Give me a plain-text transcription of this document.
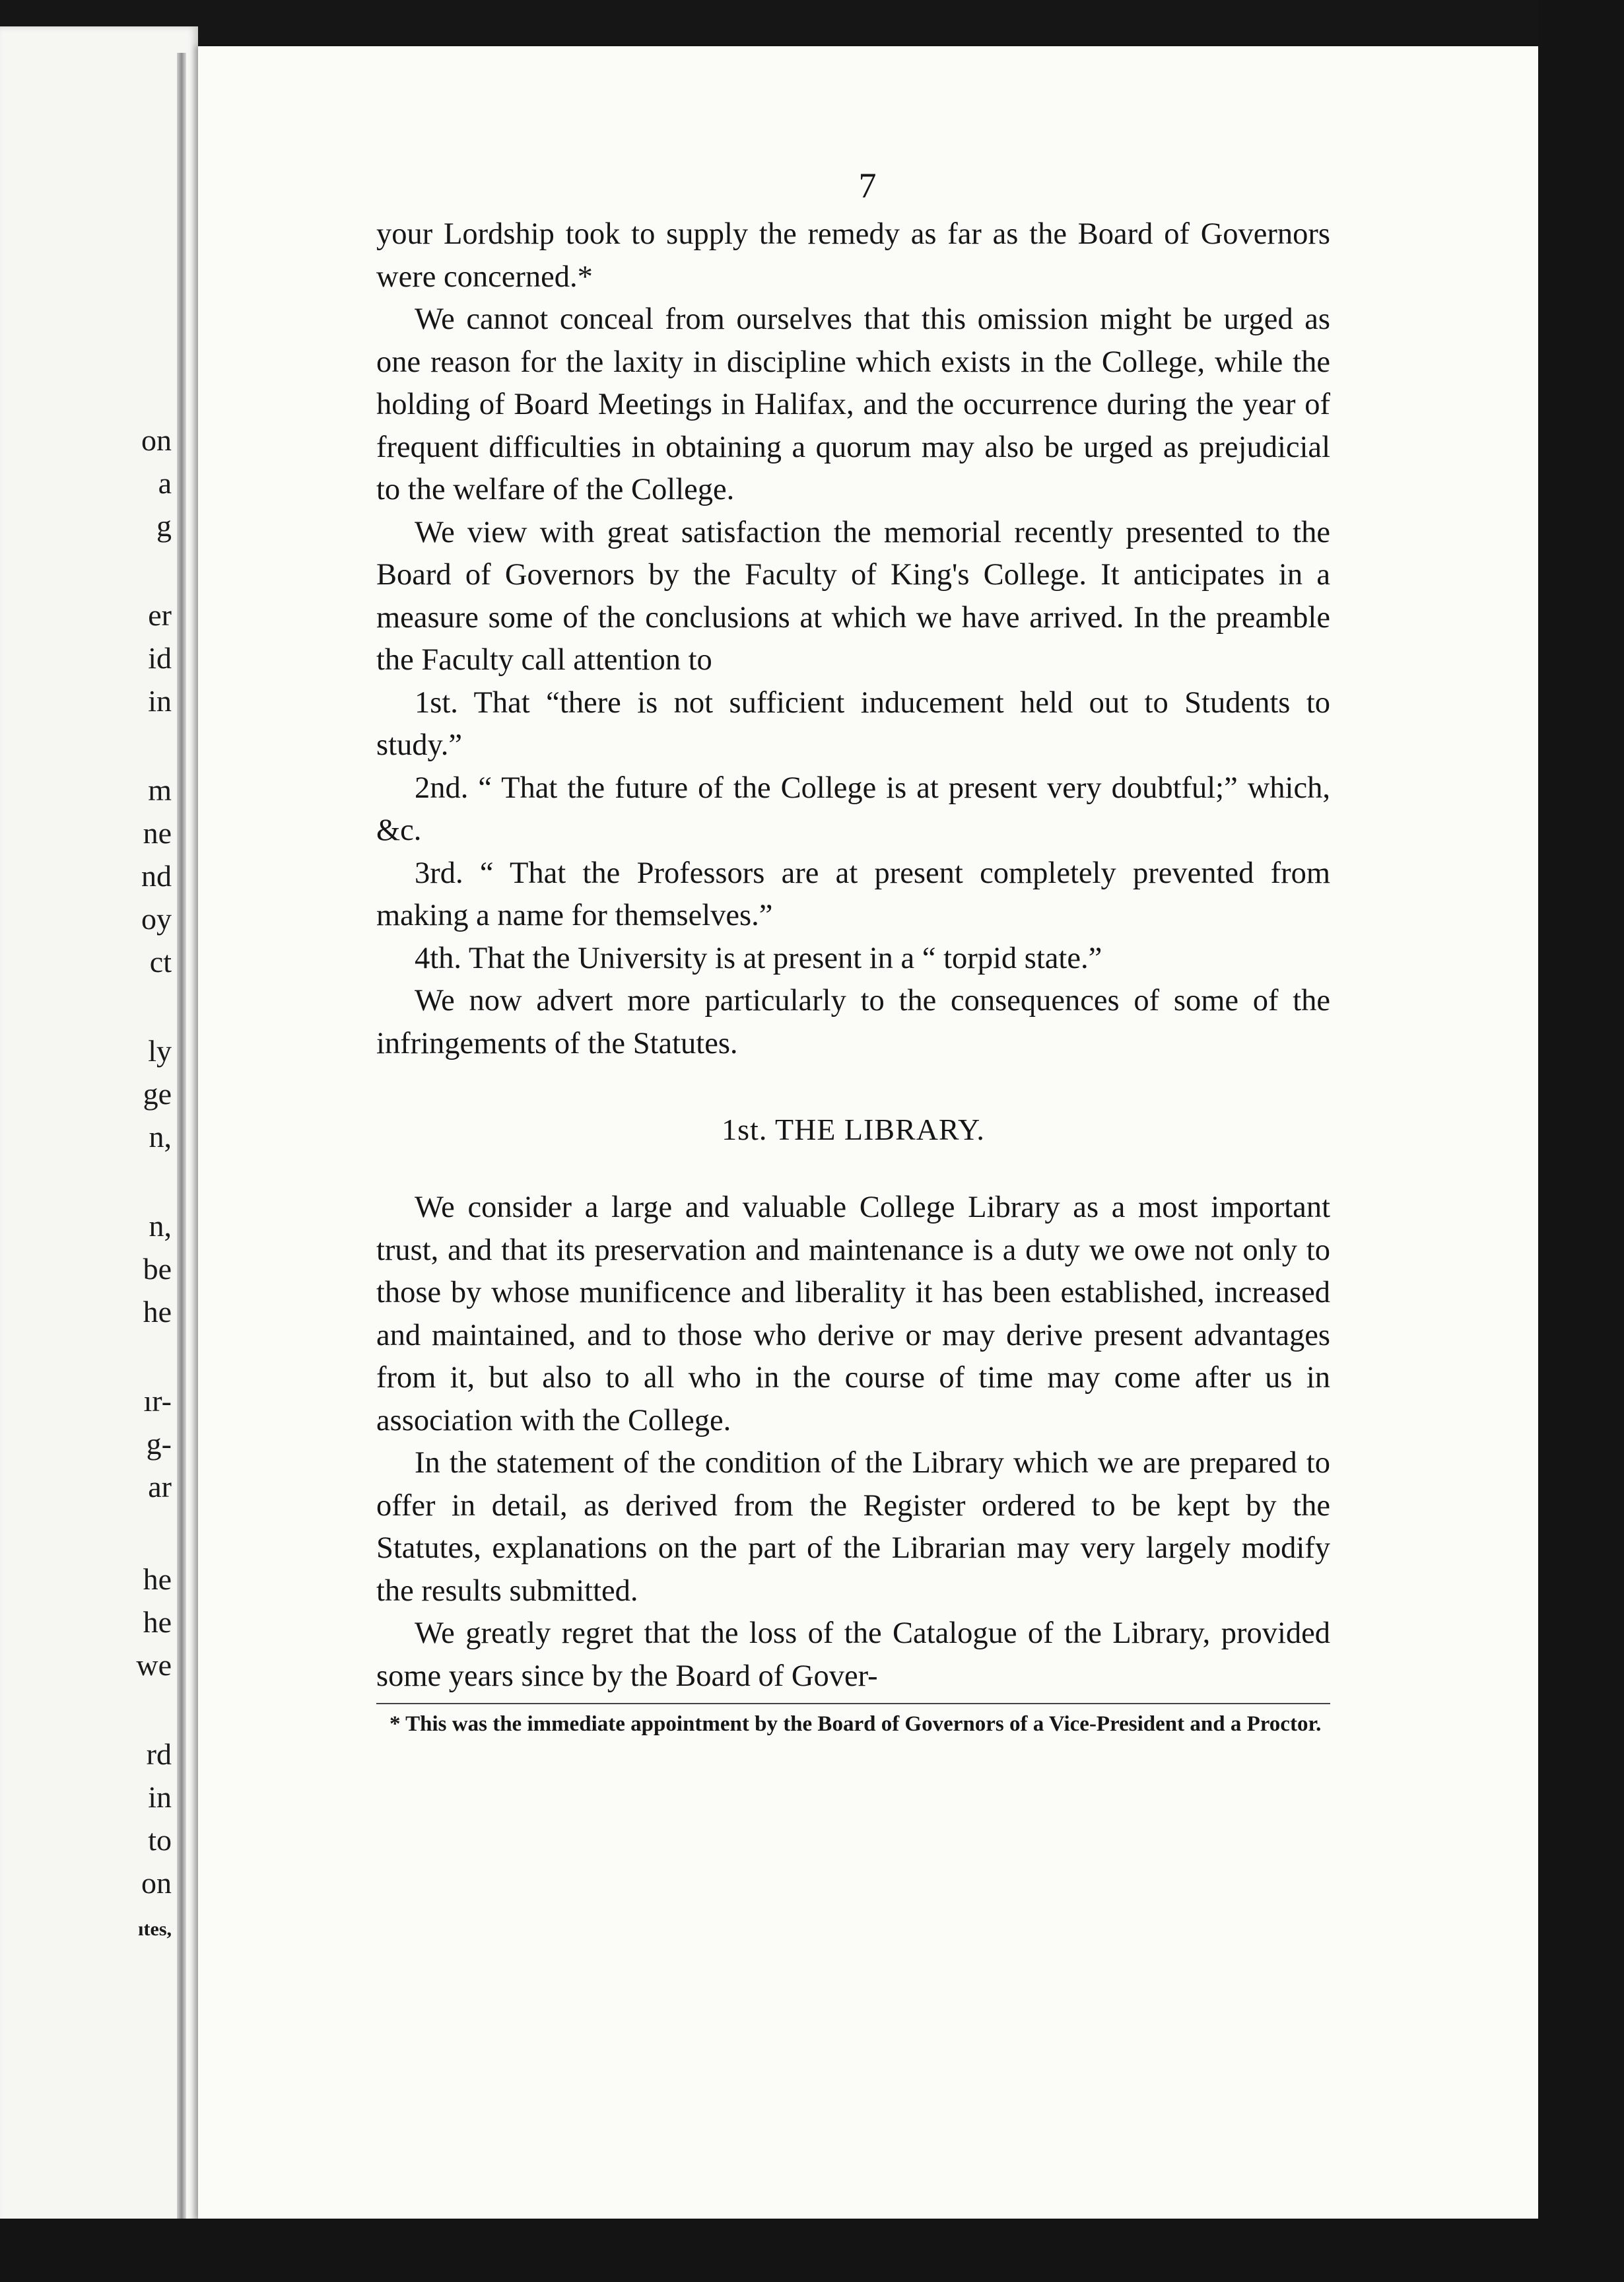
on
a
g
er
id
in
m
ne
nd
oy
ct
ly
ge
n,
n,
be
he
ır-
g-
ar
he
he
we
rd
in
to
on
ıtes,
7

your Lordship took to supply the remedy as far as the Board of Governors were concerned.*

We cannot conceal from ourselves that this omission might be urged as one reason for the laxity in discipline which exists in the College, while the holding of Board Meetings in Halifax, and the occurrence during the year of frequent difficulties in obtaining a quorum may also be urged as prejudicial to the welfare of the College.

We view with great satisfaction the memorial recently presented to the Board of Governors by the Faculty of King's College. It anticipates in a measure some of the conclusions at which we have arrived. In the preamble the Faculty call attention to

1st. That “there is not sufficient inducement held out to Students to study.”

2nd. “ That the future of the College is at present very doubtful;” which, &c.

3rd. “ That the Professors are at present completely prevented from making a name for themselves.”

4th. That the University is at present in a “ torpid state.”

We now advert more particularly to the consequences of some of the infringements of the Statutes.

1st. THE LIBRARY.

We consider a large and valuable College Library as a most important trust, and that its preservation and maintenance is a duty we owe not only to those by whose munificence and liberality it has been established, increased and maintained, and to those who derive or may derive present advantages from it, but also to all who in the course of time may come after us in association with the College.

In the statement of the condition of the Library which we are prepared to offer in detail, as derived from the Register ordered to be kept by the Statutes, explanations on the part of the Librarian may very largely modify the results submitted.

We greatly regret that the loss of the Catalogue of the Library, provided some years since by the Board of Gover-

* This was the immediate appointment by the Board of Governors of a Vice-President and a Proctor.
